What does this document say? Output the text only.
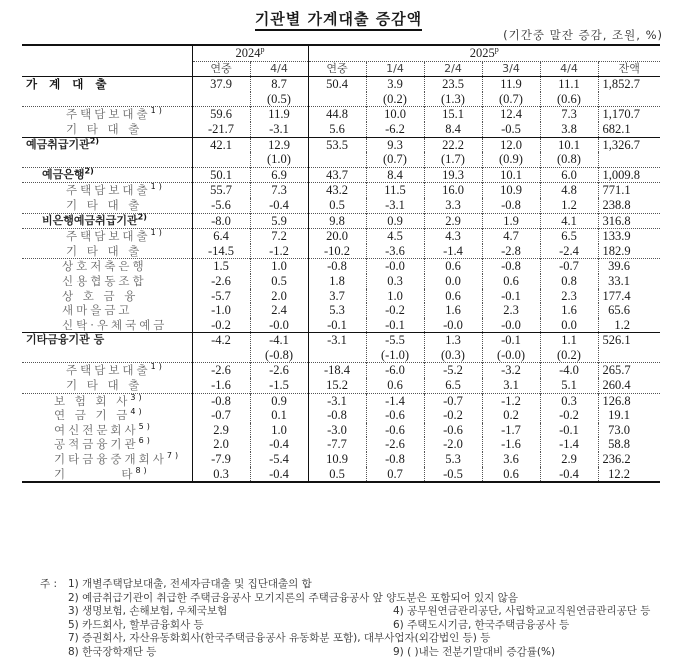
기관별 가계대출 증감액
(기간중 말잔 증감, 조원, %)
	2024$^p$		2025$^p$
	연중	4/4	연중	1/4	2/4	3/4	4/4	잔액
가 계 대 출	37.9	8.7	50.4	3.9	23.5	11.9	11.1	1,852.7
		(0.5)		(0.2)	(1.3)	(0.7)	(0.6)	
주택담보대출$^{1)}$	59.6	11.9	44.8	10.0	15.1	12.4	7.3	1,170.7
기 타 대 출	-21.7	-3.1	5.6	-6.2	8.4	-0.5	3.8	682.1
예금취급기관$^{2)}$	42.1	12.9	53.5	9.3	22.2	12.0	10.1	1,326.7
		(1.0)		(0.7)	(1.7)	(0.9)	(0.8)	
예금은행$^{2)}$	50.1	6.9	43.7	8.4	19.3	10.1	6.0	1,009.8
주택담보대출$^{1)}$	55.7	7.3	43.2	11.5	16.0	10.9	4.8	771.1
기 타 대 출	-5.6	-0.4	0.5	-3.1	3.3	-0.8	1.2	238.8
비은행예금취급기관$^{2)}$	-8.0	5.9	9.8	0.9	2.9	1.9	4.1	316.8
주택담보대출$^{1)}$	6.4	7.2	20.0	4.5	4.3	4.7	6.5	133.9
기 타 대 출	-14.5	-1.2	-10.2	-3.6	-1.4	-2.8	-2.4	182.9
상호저축은행	1.5	1.0	-0.8	-0.0	0.6	-0.8	-0.7	39.6
신용협동조합	-2.6	0.5	1.8	0.3	0.0	0.6	0.8	33.1
상 호 금 융	-5.7	2.0	3.7	1.0	0.6	-0.1	2.3	177.4
새마을금고	-1.0	2.4	5.3	-0.2	1.6	2.3	1.6	65.6
신탁·우체국예금	-0.2	-0.0	-0.1	-0.1	-0.0	-0.0	0.0	1.2
기타금융기관 등	-4.2	-4.1	-3.1	-5.5	1.3	-0.1	1.1	526.1
		(-0.8)		(-1.0)	(0.3)	(-0.0)	(0.2)	
주택담보대출$^{1)}$	-2.6	-2.6	-18.4	-6.0	-5.2	-3.2	-4.0	265.7
기 타 대 출	-1.6	-1.5	15.2	0.6	6.5	3.1	5.1	260.4
보 험 회 사$^{3)}$	-0.8	0.9	-3.1	-1.4	-0.7	-1.2	0.3	126.8
연 금 기 금$^{4)}$	-0.7	0.1	-0.8	-0.6	-0.2	0.2	-0.2	19.1
여신전문회사$^{5)}$	2.9	1.0	-3.0	-0.6	-0.6	-1.7	-0.1	73.0
공적금융기관$^{6)}$	2.0	-0.4	-7.7	-2.6	-2.0	-1.6	-1.4	58.8
기타금융중개회사$^{7)}$	-7.9	-5.4	10.9	-0.8	5.3	3.6	2.9	236.2
기        타$^{8)}$	0.3	-0.4	0.5	0.7	-0.5	0.6	-0.4	12.2
주 :	1) 개별주택담보대출, 전세자금대출 및 집단대출의 합
2) 예금취급기관이 취급한 주택금융공사 모기지론의 주택금융공사 앞 양도분은 포함되어 있지 않음
3) 생명보험, 손해보험, 우체국보험	4) 공무원연금관리공단, 사립학교교직원연금관리공단 등
5) 카드회사, 할부금융회사 등	6) 주택도시기금, 한국주택금융공사 등
7) 증권회사, 자산유동화회사(한국주택금융공사 유동화분 포함), 대부사업자(외감법인 등) 등
8) 한국장학재단 등	9) ( )내는 전분기말대비 증감률(%)
